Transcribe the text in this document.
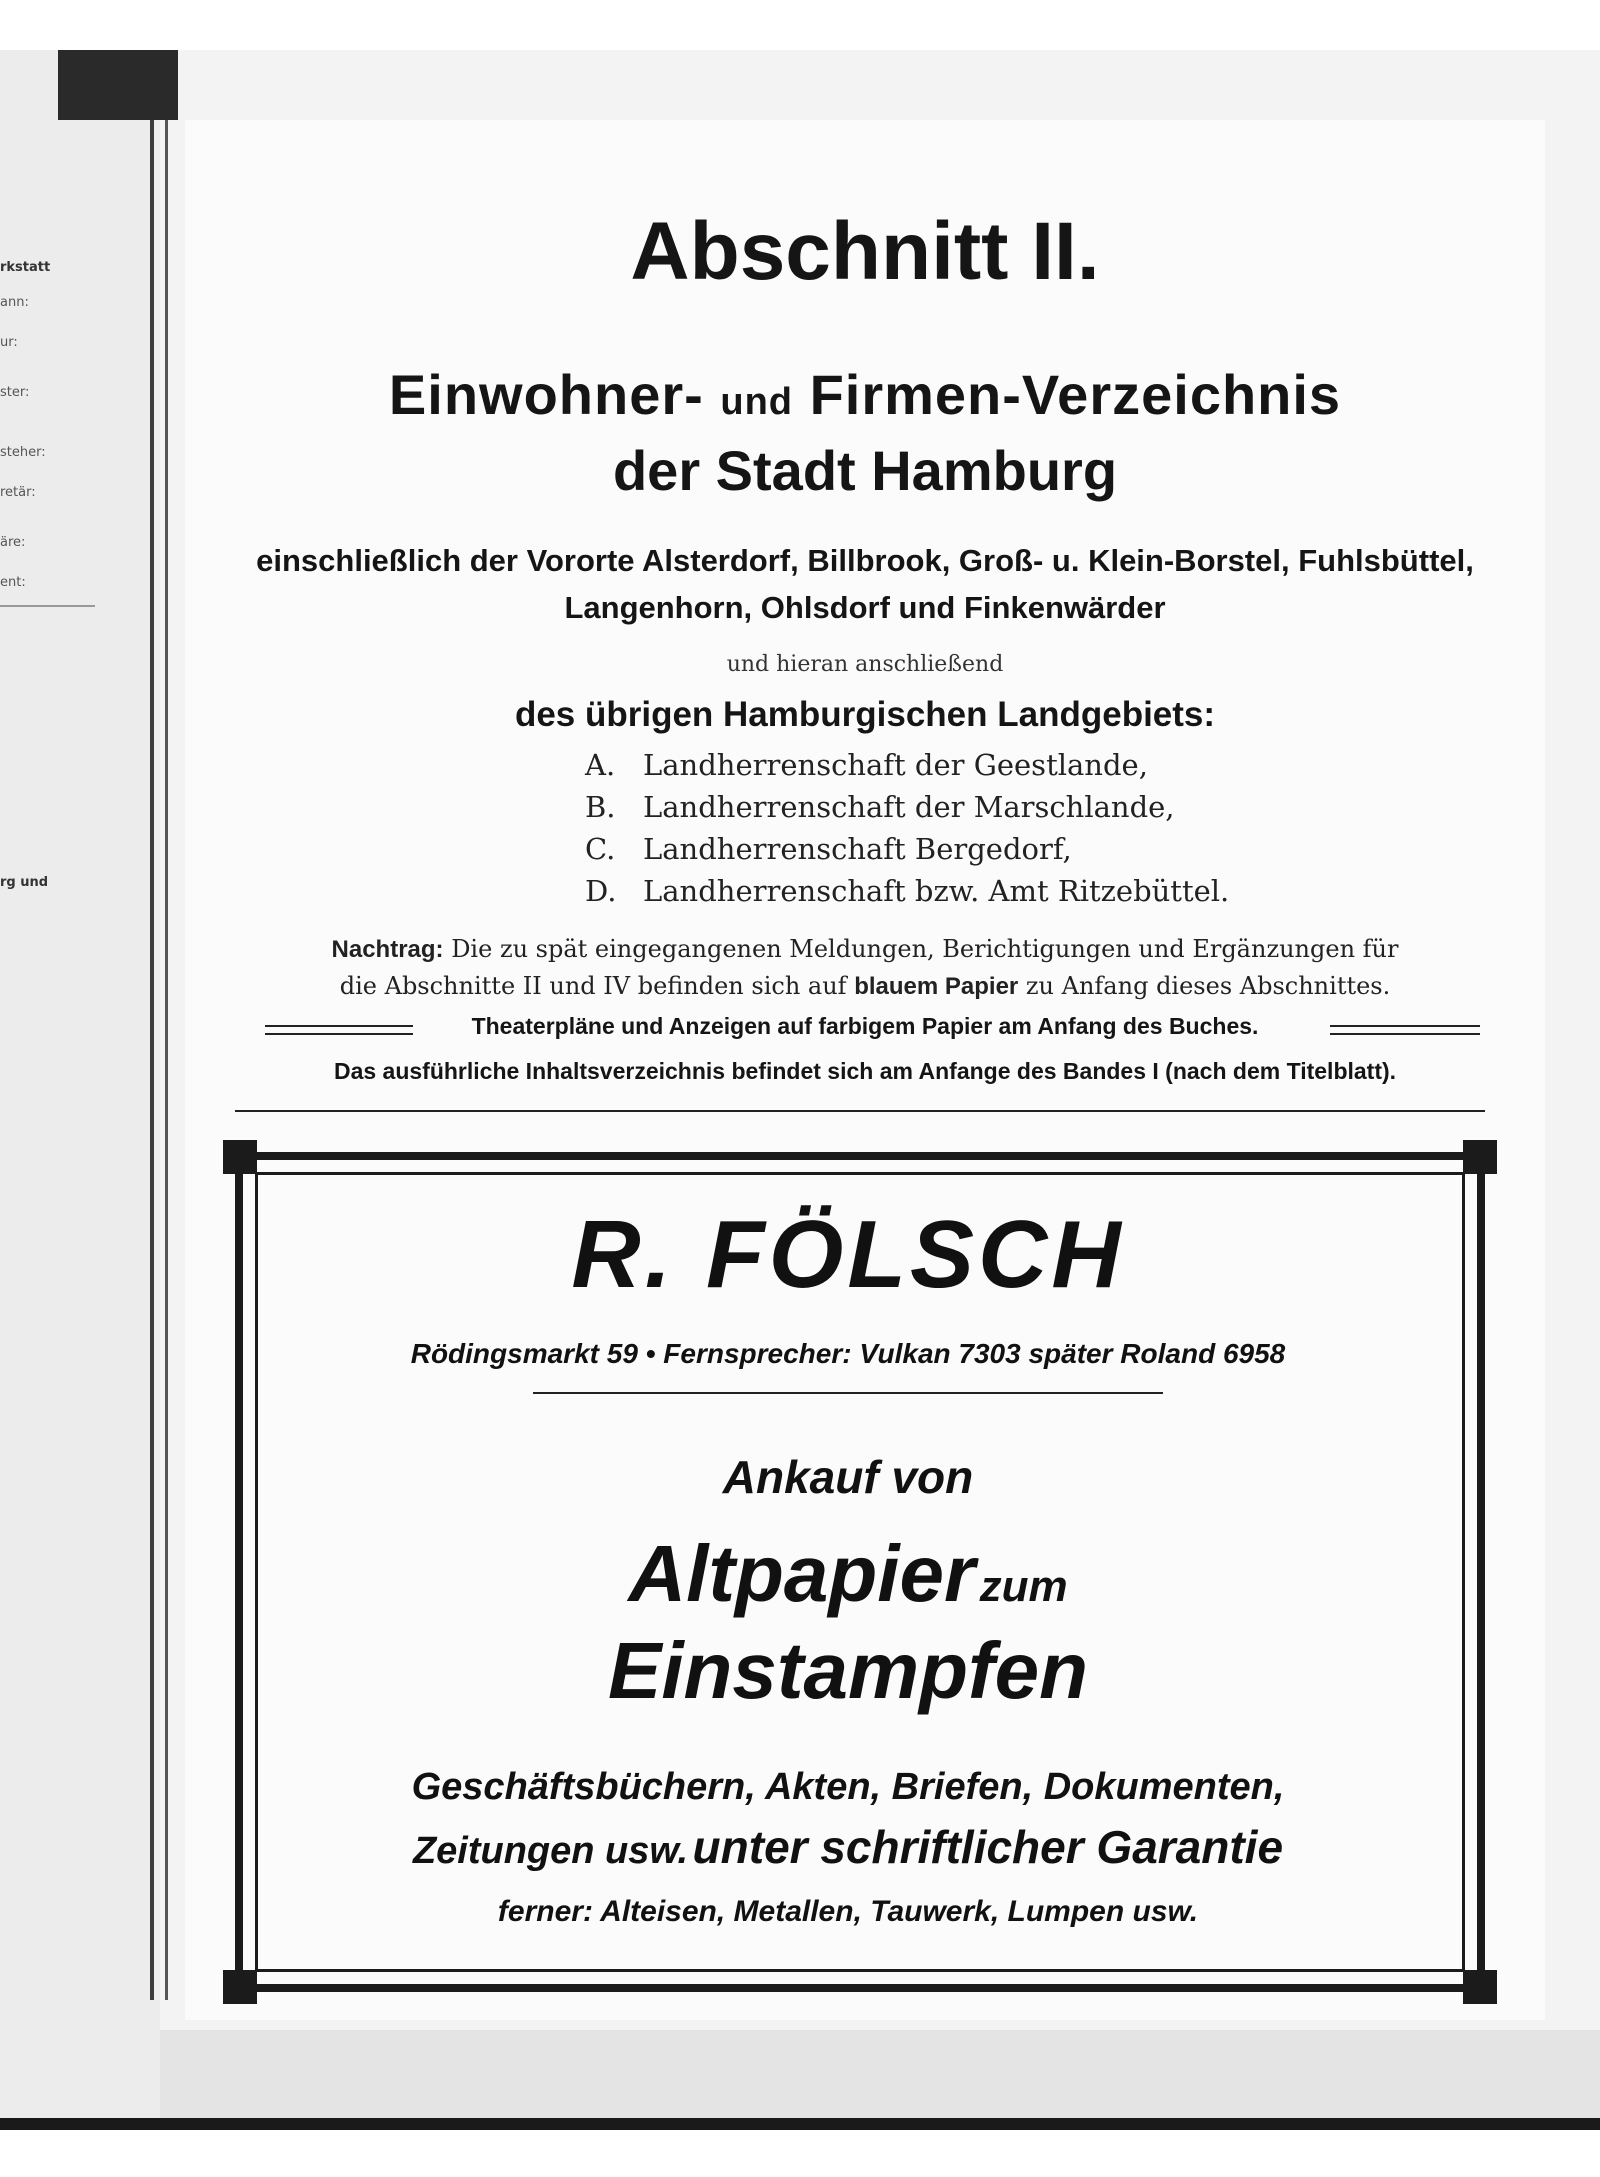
rkstatt
ann:
ur:
ster:
steher:
retär:
äre:
ent:
rg und
Abschnitt II.
Einwohner- und Firmen-Verzeichnis
der Stadt Hamburg
einschließlich der Vororte Alsterdorf, Billbrook, Groß- u. Klein-Borstel, Fuhlsbüttel,
Langenhorn, Ohlsdorf und Finkenwärder
und hieran anschließend
des übrigen Hamburgischen Landgebiets:
A. Landherrenschaft der Geestlande,
B. Landherrenschaft der Marschlande,
C. Landherrenschaft Bergedorf,
D. Landherrenschaft bzw. Amt Ritzebüttel.
Nachtrag: Die zu spät eingegangenen Meldungen, Berichtigungen und Ergänzungen für
die Abschnitte II und IV befinden sich auf blauem Papier zu Anfang dieses Abschnittes.
Theaterpläne und Anzeigen auf farbigem Papier am Anfang des Buches.
Das ausführliche Inhaltsverzeichnis befindet sich am Anfange des Bandes I (nach dem Titelblatt).
R. FÖLSCH
Rödingsmarkt 59 • Fernsprecher: Vulkan 7303 später Roland 6958
Ankauf von
Altpapier zum
Einstampfen
Geschäftsbüchern, Akten, Briefen, Dokumenten,
Zeitungen usw. unter schriftlicher Garantie
ferner: Alteisen, Metallen, Tauwerk, Lumpen usw.
